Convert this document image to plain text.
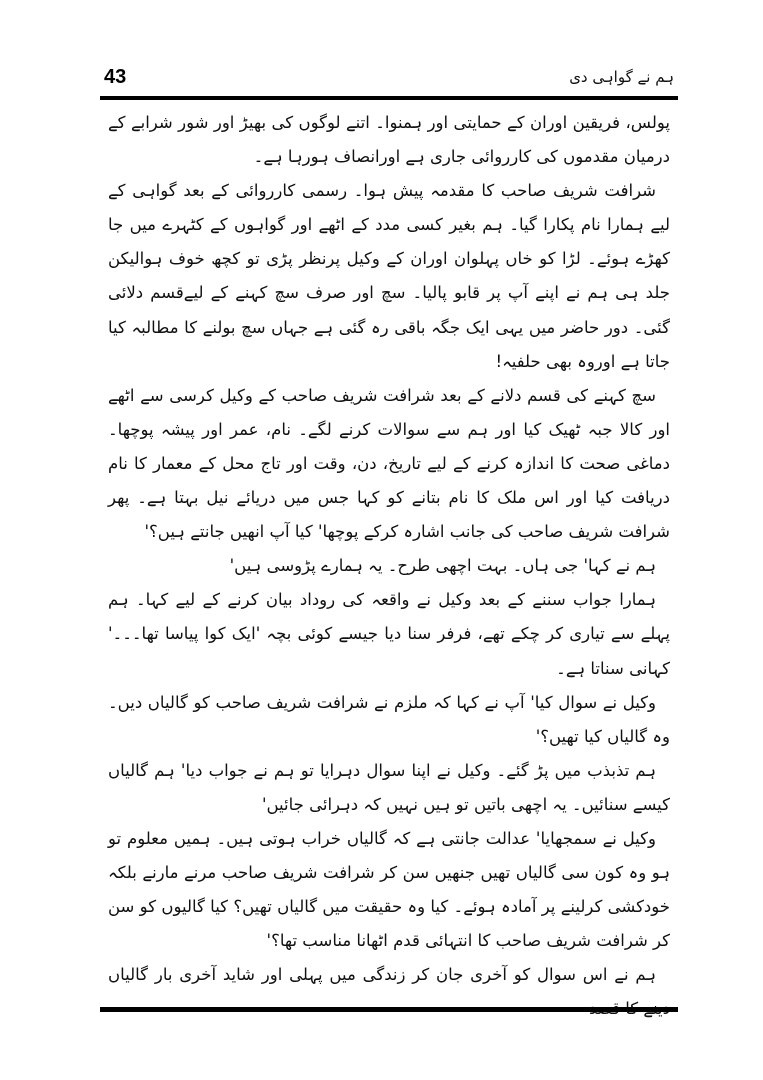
43	ہم نے گواہی دی

پولس، فریقین اوران کے حمایتی اور ہمنوا۔ اتنے لوگوں کی بھیڑ اور شور شرابے کے درمیان مقدموں کی کارروائی جاری ہے اورانصاف ہورہا ہے۔

شرافت شریف صاحب کا مقدمہ پیش ہوا۔ رسمی کارروائی کے بعد گواہی کے لیے ہمارا نام پکارا گیا۔ ہم بغیر کسی مدد کے اٹھے اور گواہوں کے کٹہرے میں جا کھڑے ہوئے۔ لڑا کو خاں پہلوان اوران کے وکیل پرنظر پڑی تو کچھ خوف ہوالیکن جلد ہی ہم نے اپنے آپ پر قابو پالیا۔ سچ اور صرف سچ کہنے کے لیےقسم دلائی گئی۔ دور حاضر میں یہی ایک جگہ باقی رہ گئی ہے جہاں سچ بولنے کا مطالبہ کیا جاتا ہے اوروہ بھی حلفیہ!

سچ کہنے کی قسم دلانے کے بعد شرافت شریف صاحب کے وکیل کرسی سے اٹھے اور کالا جبہ ٹھیک کیا اور ہم سے سوالات کرنے لگے۔ نام، عمر اور پیشہ پوچھا۔ دماغی صحت کا اندازہ کرنے کے لیے تاریخ، دن، وقت اور تاج محل کے معمار کا نام دریافت کیا اور اس ملک کا نام بتانے کو کہا جس میں دریائے نیل بہتا ہے۔ پھر شرافت شریف صاحب کی جانب اشارہ کرکے پوچھا' کیا آپ انھیں جانتے ہیں؟'

ہم نے کہا' جی ہاں۔ بہت اچھی طرح۔ یہ ہمارے پڑوسی ہیں'

ہمارا جواب سننے کے بعد وکیل نے واقعہ کی روداد بیان کرنے کے لیے کہا۔ ہم پہلے سے تیاری کر چکے تھے، فرفر سنا دیا جیسے کوئی بچہ 'ایک کوا پیاسا تھا۔۔۔' کہانی سناتا ہے۔

وکیل نے سوال کیا' آپ نے کہا کہ ملزم نے شرافت شریف صاحب کو گالیاں دیں۔ وہ گالیاں کیا تھیں؟'

ہم تذبذب میں پڑ گئے۔ وکیل نے اپنا سوال دہرایا تو ہم نے جواب دیا' ہم گالیاں کیسے سنائیں۔ یہ اچھی باتیں تو ہیں نہیں کہ دہرائی جائیں'

وکیل نے سمجھایا' عدالت جانتی ہے کہ گالیاں خراب ہوتی ہیں۔ ہمیں معلوم تو ہو وہ کون سی گالیاں تھیں جنھیں سن کر شرافت شریف صاحب مرنے مارنے بلکہ خودکشی کرلینے پر آمادہ ہوئے۔ کیا وہ حقیقت میں گالیاں تھیں؟ کیا گالیوں کو سن کر شرافت شریف صاحب کا انتہائی قدم اٹھانا مناسب تھا؟'

ہم نے اس سوال کو آخری جان کر زندگی میں پہلی اور شاید آخری بار گالیاں
